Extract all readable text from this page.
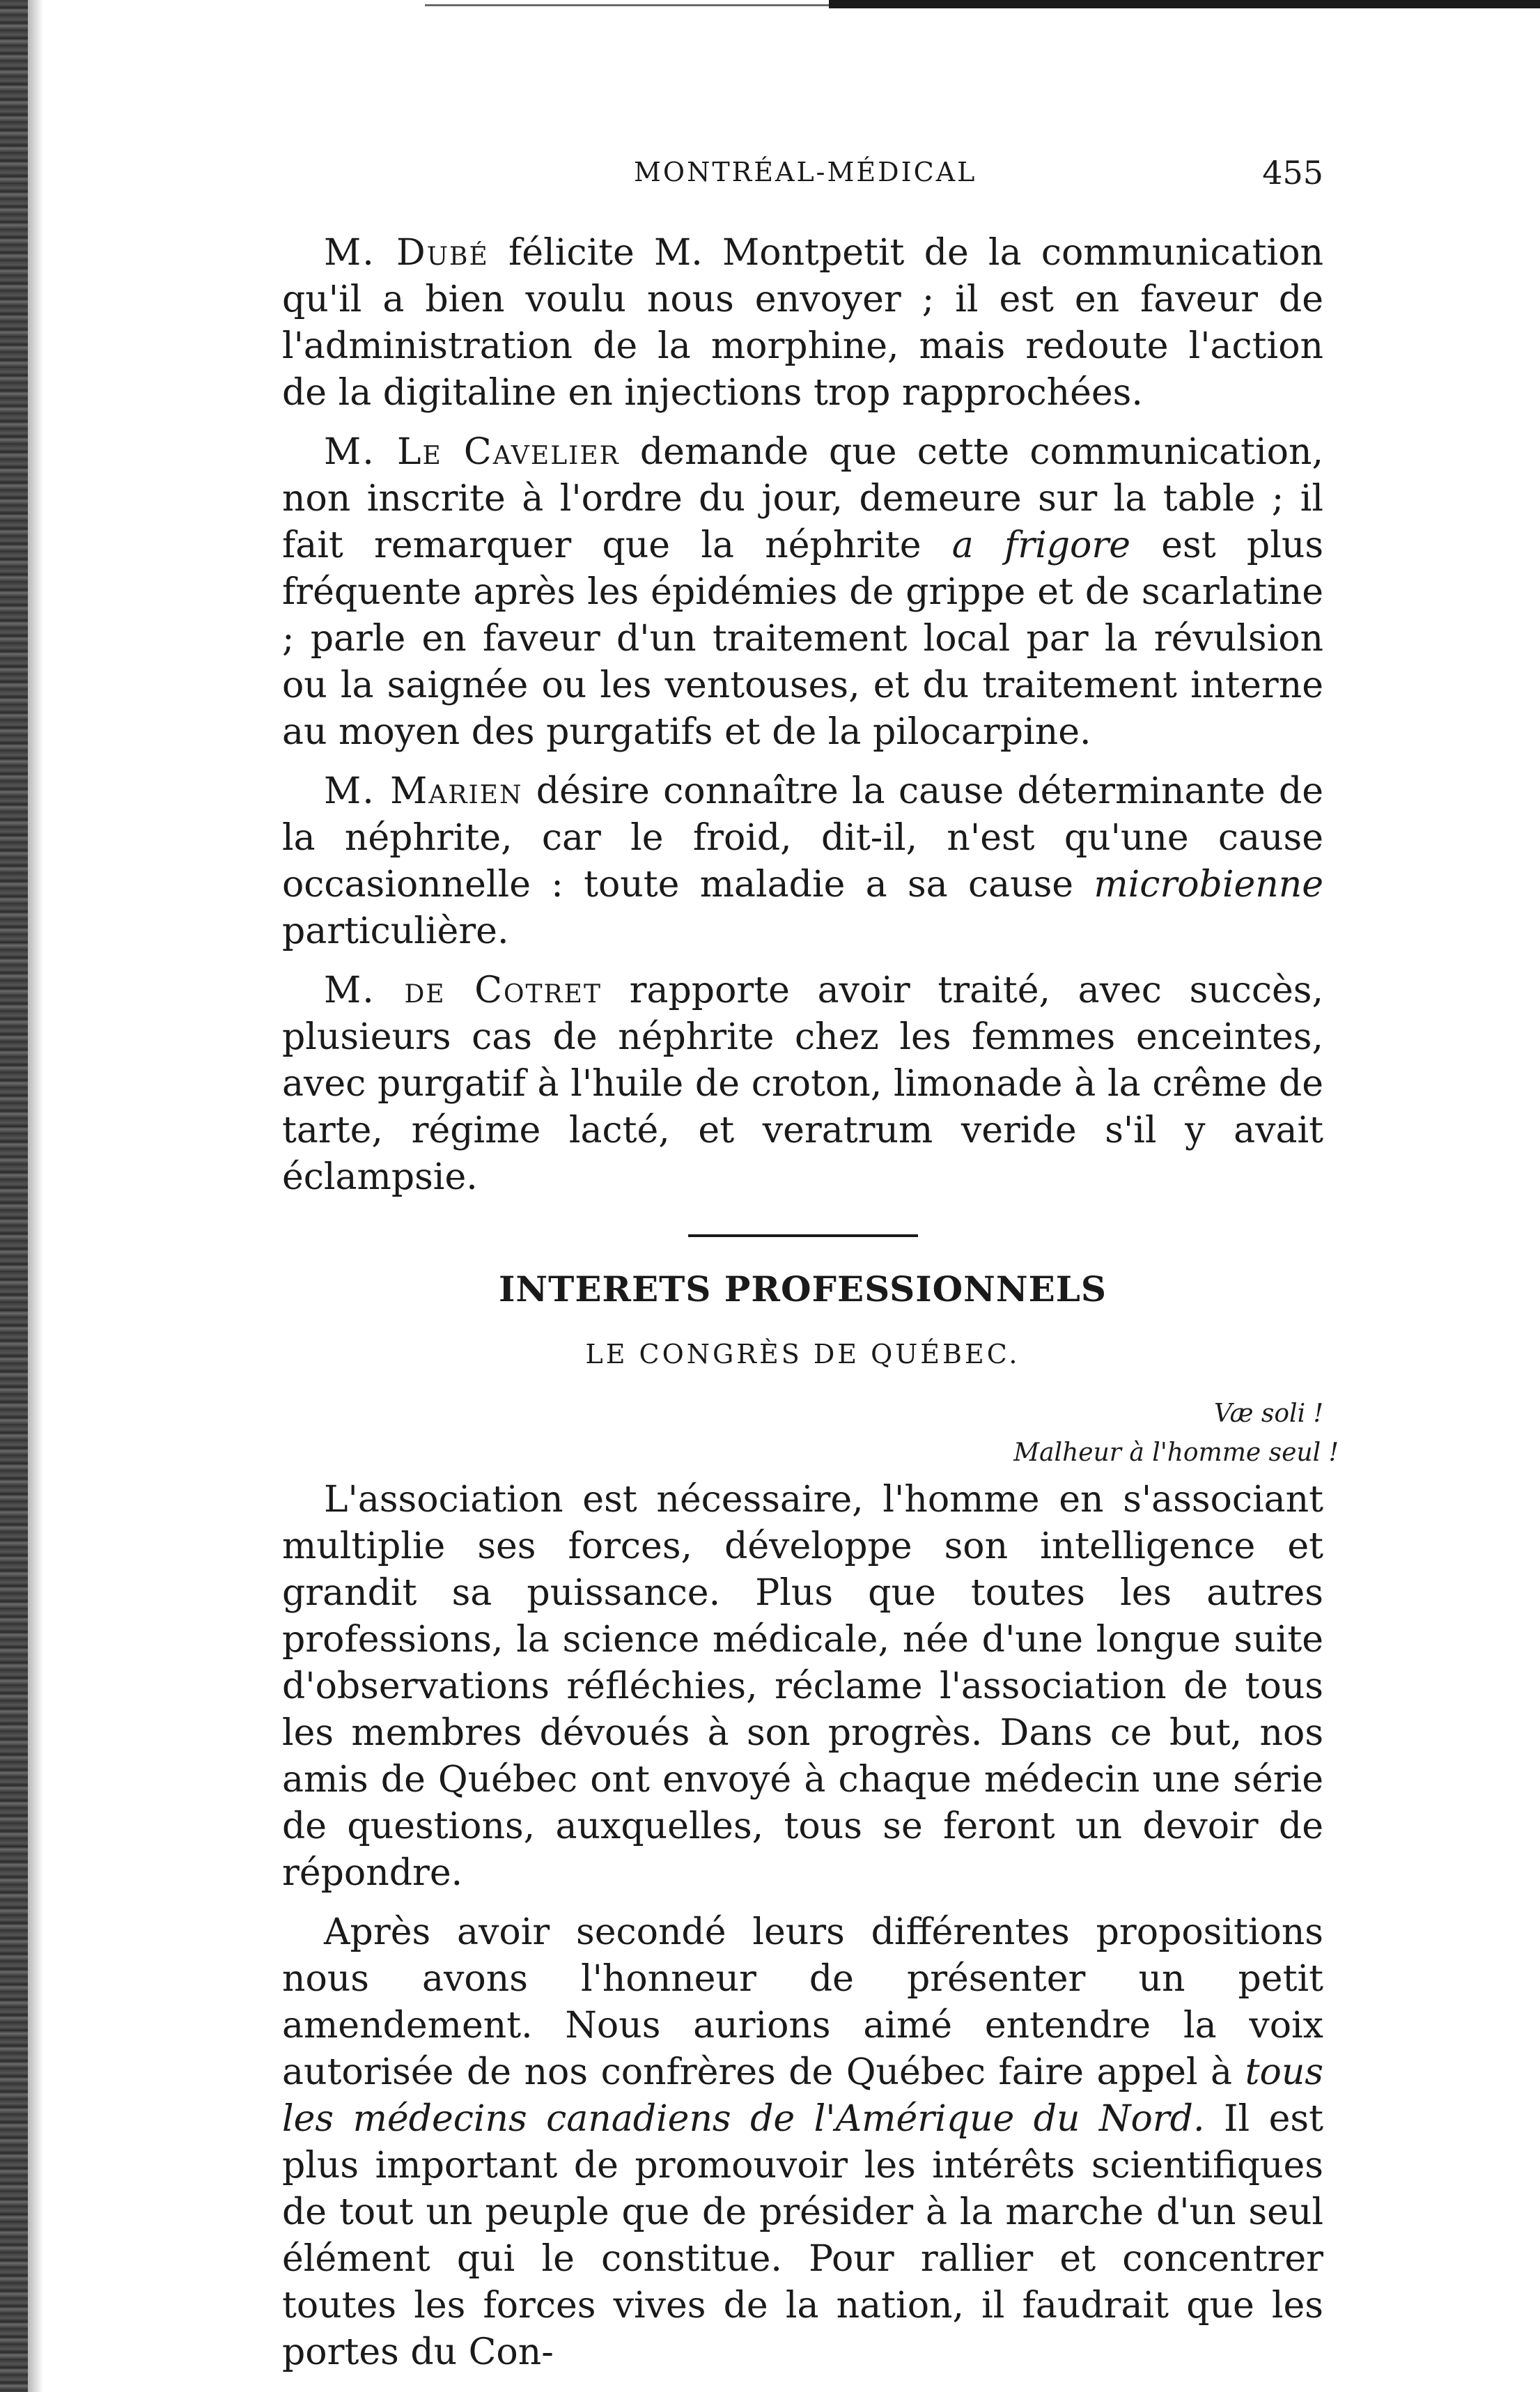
MONTRÉAL-MÉDICAL	455

M. Dubé félicite M. Montpetit de la communication qu'il a bien voulu nous envoyer ; il est en faveur de l'administration de la morphine, mais redoute l'action de la digitaline en injections trop rapprochées.

M. Le Cavelier demande que cette communication, non inscrite à l'ordre du jour, demeure sur la table ; il fait remarquer que la néphrite a frigore est plus fréquente après les épidémies de grippe et de scarlatine ; parle en faveur d'un traitement local par la révulsion ou la saignée ou les ventouses, et du traitement interne au moyen des purgatifs et de la pilocarpine.

M. Marien désire connaître la cause déterminante de la néphrite, car le froid, dit-il, n'est qu'une cause occasionnelle : toute maladie a sa cause microbienne particulière.

M. de Cotret rapporte avoir traité, avec succès, plusieurs cas de néphrite chez les femmes enceintes, avec purgatif à l'huile de croton, limonade à la crême de tarte, régime lacté, et veratrum veride s'il y avait éclampsie.

INTERETS PROFESSIONNELS
LE CONGRÈS DE QUÉBEC.
Væ soli !
Malheur à l'homme seul !

L'association est nécessaire, l'homme en s'associant multiplie ses forces, développe son intelligence et grandit sa puissance. Plus que toutes les autres professions, la science médicale, née d'une longue suite d'observations réfléchies, réclame l'association de tous les membres dévoués à son progrès. Dans ce but, nos amis de Québec ont envoyé à chaque médecin une série de questions, auxquelles, tous se feront un devoir de répondre.

Après avoir secondé leurs différentes propositions nous avons l'honneur de présenter un petit amendement. Nous aurions aimé entendre la voix autorisée de nos confrères de Québec faire appel à tous les médecins canadiens de l'Amérique du Nord. Il est plus important de promouvoir les intérêts scientifiques de tout un peuple que de présider à la marche d'un seul élément qui le constitue. Pour rallier et concentrer toutes les forces vives de la nation, il faudrait que les portes du Con-
